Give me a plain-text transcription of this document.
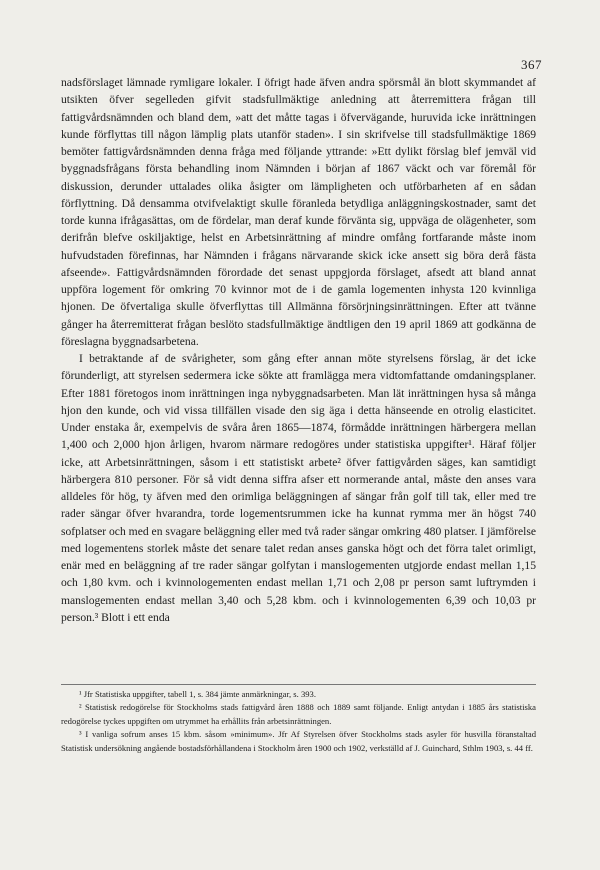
367

nadsförslaget lämnade rymligare lokaler. I öfrigt hade äfven andra spörsmål än blott skymmandet af utsikten öfver segelleden gifvit stadsfullmäktige anledning att återremittera frågan till fattigvårdsnämnden och bland dem, »att det måtte tagas i öfvervägande, huruvida icke inrättningen kunde förflyttas till någon lämplig plats utanför staden». I sin skrifvelse till stadsfullmäktige 1869 bemöter fattigvårdsnämnden denna fråga med följande yttrande: »Ett dylikt förslag blef jemväl vid byggnadsfrågans första behandling inom Nämnden i början af 1867 väckt och var föremål för diskussion, derunder uttalades olika åsigter om lämpligheten och utförbarheten af en sådan förflyttning. Då densamma otvifvelaktigt skulle föranleda betydliga anläggningskostnader, samt det torde kunna ifrågasättas, om de fördelar, man deraf kunde förvänta sig, uppväga de olägenheter, som derifrån blefve oskiljaktige, helst en Arbetsinrättning af mindre omfång fortfarande måste inom hufvudstaden förefinnas, har Nämnden i frågans närvarande skick icke ansett sig böra derå fästa afseende». Fattigvårdsnämnden förordade det senast uppgjorda förslaget, afsedt att bland annat uppföra logement för omkring 70 kvinnor mot de i de gamla logementen inhysta 120 kvinnliga hjonen. De öfvertaliga skulle öfverflyttas till Allmänna försörjningsinrättningen. Efter att tvänne gånger ha återremitterat frågan beslöto stadsfullmäktige ändtligen den 19 april 1869 att godkänna de föreslagna byggnadsarbetena.

I betraktande af de svårigheter, som gång efter annan möte styrelsens förslag, är det icke förunderligt, att styrelsen sedermera icke sökte att framlägga mera vidtomfattande omdaningsplaner. Efter 1881 företogos inom inrättningen inga nybyggnadsarbeten. Man lät inrättningen hysa så många hjon den kunde, och vid vissa tillfällen visade den sig äga i detta hänseende en otrolig elasticitet. Under enstaka år, exempelvis de svåra åren 1865—1874, förmådde inrättningen härbergera mellan 1,400 och 2,000 hjon årligen, hvarom närmare redogöres under statistiska uppgifter¹. Häraf följer icke, att Arbetsinrättningen, såsom i ett statistiskt arbete² öfver fattigvården säges, kan samtidigt härbergera 810 personer. För så vidt denna siffra afser ett normerande antal, måste den anses vara alldeles för hög, ty äfven med den orimliga beläggningen af sängar från golf till tak, eller med tre rader sängar öfver hvarandra, torde logementsrummen icke ha kunnat rymma mer än högst 740 sofplatser och med en svagare beläggning eller med två rader sängar omkring 480 platser. I jämförelse med logementens storlek måste det senare talet redan anses ganska högt och det förra talet orimligt, enär med en beläggning af tre rader sängar golfytan i manslogementen utgjorde endast mellan 1,15 och 1,80 kvm. och i kvinnologementen endast mellan 1,71 och 2,08 pr person samt luftrymden i manslogementen endast mellan 3,40 och 5,28 kbm. och i kvinnologementen 6,39 och 10,03 pr person.³ Blott i ett enda

¹ Jfr Statistiska uppgifter, tabell 1, s. 384 jämte anmärkningar, s. 393.

² Statistisk redogörelse för Stockholms stads fattigvård åren 1888 och 1889 samt följande. Enligt antydan i 1885 års statistiska redogörelse tyckes uppgiften om utrymmet ha erhållits från arbetsinrättningen.

³ I vanliga sofrum anses 15 kbm. såsom »minimum». Jfr Af Styrelsen öfver Stockholms stads asyler för husvilla föranstaltad Statistisk undersökning angående bostadsförhållandena i Stockholm åren 1900 och 1902, verkställd af J. Guinchard, Sthlm 1903, s. 44 ff.
